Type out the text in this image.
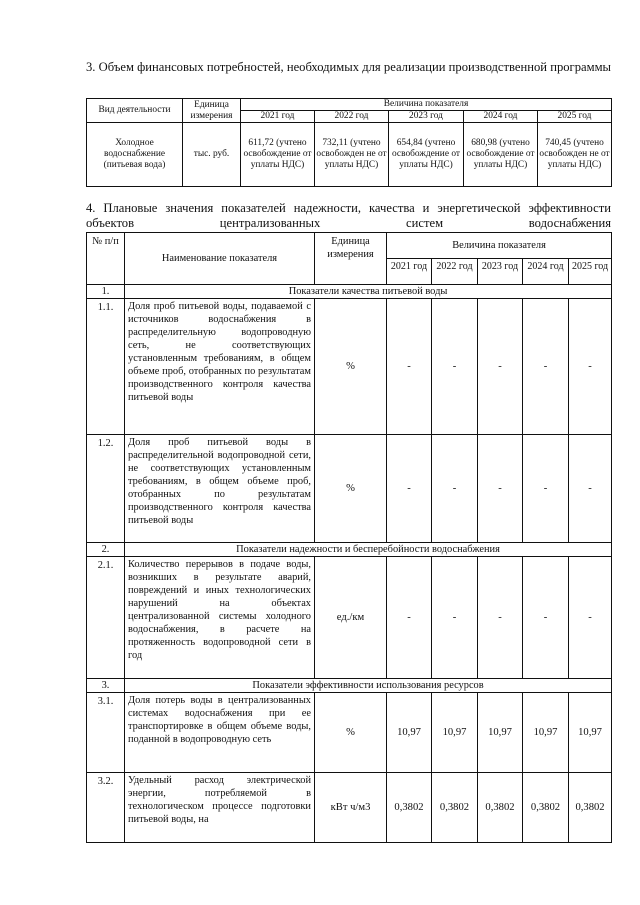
3. Объем финансовых потребностей, необходимых для реализации производственной программы

Вид деятельности	Единица измерения	Величина показателя				
		2021 год	2022 год	2023 год	2024 год	2025 год
Холодное водоснабжение (питьевая вода)	тыс. руб.	611,72 (учтено освобождение от уплаты НДС)	732,11 (учтено освобожден не от уплаты НДС)	654,84 (учтено освобождение от уплаты НДС)	680,98 (учтено освобождение от уплаты НДС)	740,45 (учтено освобожден не от уплаты НДС)

4. Плановые значения показателей надежности, качества и энергетической эффективности объектов централизованных систем водоснабжения

№ п/п	Наименование показателя	Единица измерения	Величина показателя				
			2021 год	2022 год	2023 год	2024 год	2025 год
1.	Показатели качества питьевой воды						
1.1.	Доля проб питьевой воды, подаваемой с источников водоснабжения в распределительную водопроводную сеть, не соответствующих установленным требованиям, в общем объеме проб, отобранных по результатам производственного контроля качества питьевой воды	%	-	-	-	-	-
1.2.	Доля проб питьевой воды в распределительной водопроводной сети, не соответствующих установленным требованиям, в общем объеме проб, отобранных по результатам производственного контроля качества питьевой воды	%	-	-	-	-	-
2.	Показатели надежности и бесперебойности водоснабжения						
2.1.	Количество перерывов в подаче воды, возникших в результате аварий, повреждений и иных технологических нарушений на объектах централизованной системы холодного водоснабжения, в расчете на протяженность водопроводной сети в год	ед./км	-	-	-	-	-
3.	Показатели эффективности использования ресурсов						
3.1.	Доля потерь воды в централизованных системах водоснабжения при ее транспортировке в общем объеме воды, поданной в водопроводную сеть	%	10,97	10,97	10,97	10,97	10,97
3.2.	Удельный расход электрической энергии, потребляемой в технологическом процессе подготовки питьевой воды, на	кВт ч/м3	0,3802	0,3802	0,3802	0,3802	0,3802
